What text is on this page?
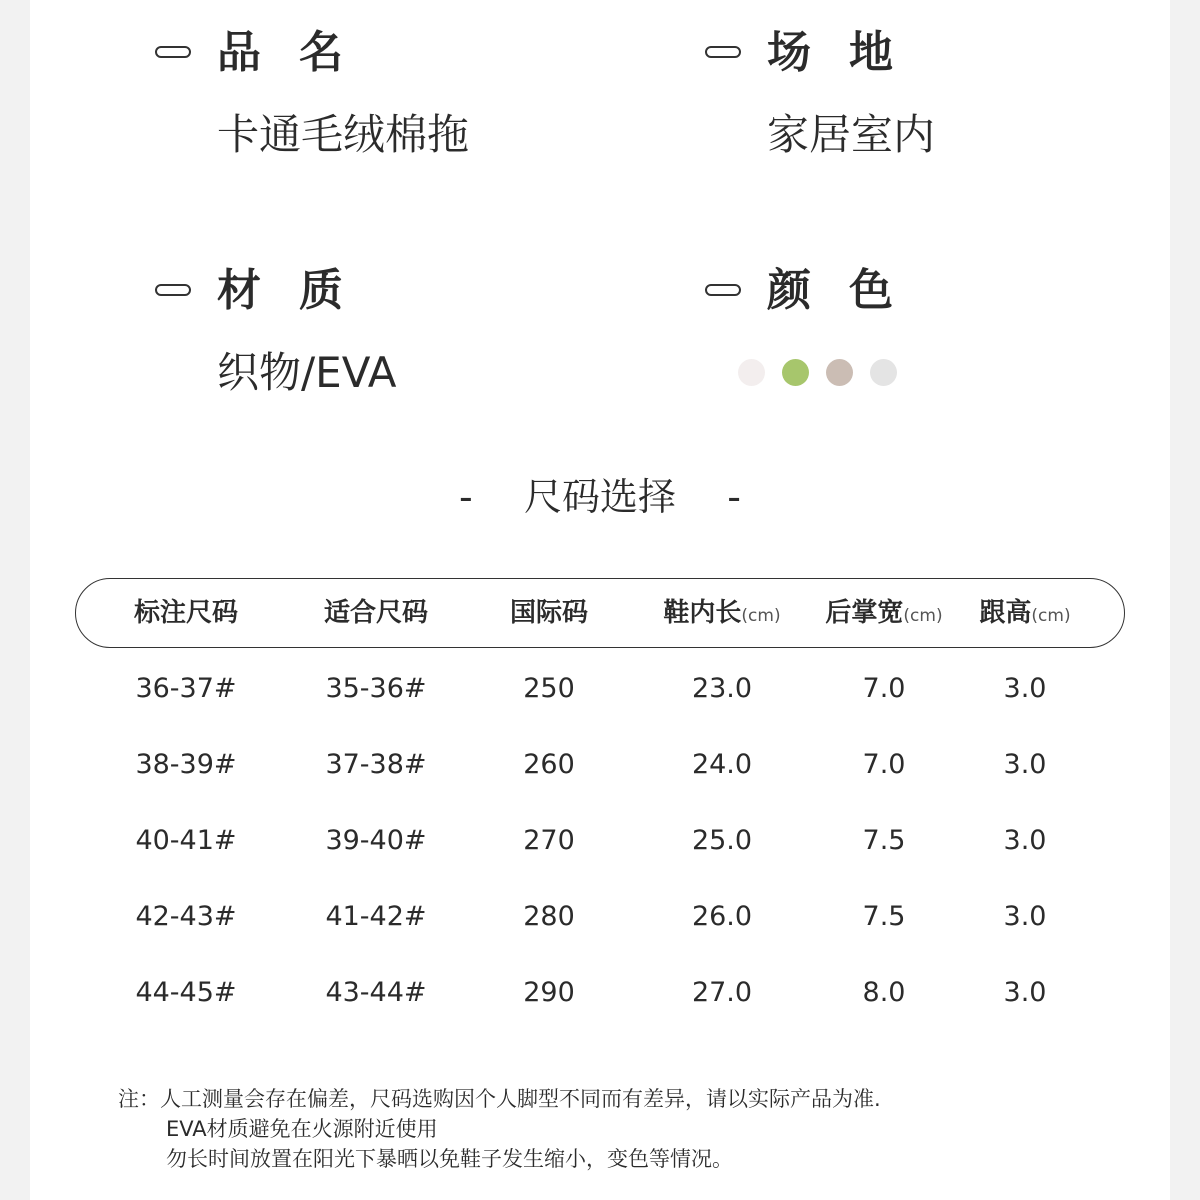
品名
卡通毛绒棉拖
场地
家居室内
材质
织物/EVA
颜色
- 尺码选择 -
标注尺码	适合尺码	国际码	鞋内长(cm) 后掌宽(cm) 跟高(cm)
36-37#	35-36#	250	23.0	7.0	3.0
38-39#	37-38#	260	24.0	7.0	3.0
40-41#	39-40#	270	25.0	7.5	3.0
42-43#	41-42#	280	26.0	7.5	3.0
44-45#	43-44#	290	27.0	8.0	3.0
注：人工测量会存在偏差，尺码选购因个人脚型不同而有差异，请以实际产品为准.
EVA材质避免在火源附近使用
勿长时间放置在阳光下暴晒以免鞋子发生缩小，变色等情况。
